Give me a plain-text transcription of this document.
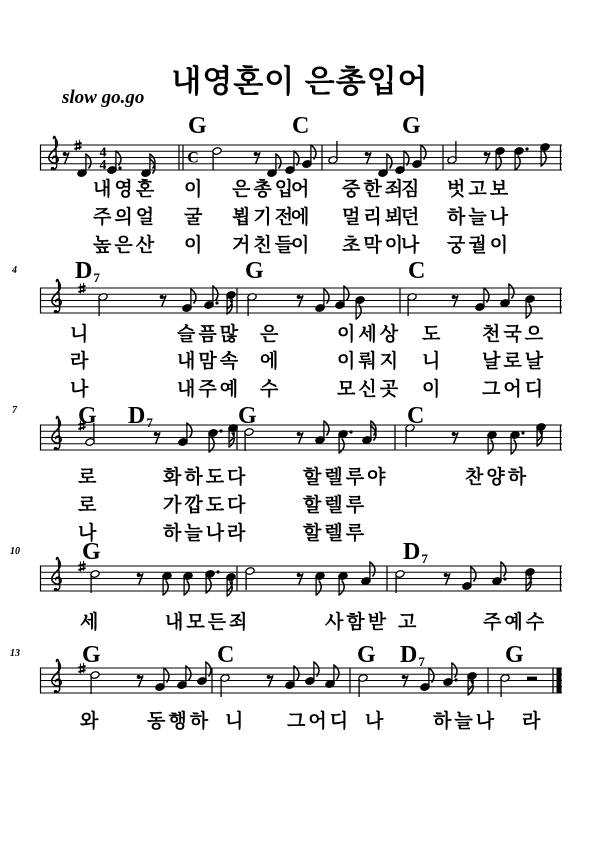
내영혼이 은총입어
slow go.go
4
4	C
G	C	G
내영혼 이 은총입
어 중한죄
짐 벗고보
주의얼 굴 뵙기전
에 멀리뵈
던 하늘나
높은산 이 거친들
이 초막이
나 궁궐이
4 D7	G	C
니	슬픔많 은	이세상 도 천국으
라	내맘속 에	이뤄지 니 날로날
나	내주예 수	모신곳 이 그어디
7	G D7	G	C
로	화하도다	할렐루야	찬양하
로	가깝도다	할렐루
나	하늘나라	할렐루
10	G	D7
세	내모든죄	사함받 고	주예수
13	G	C	G D7	G
와 동행하 니 그어디 나 하늘나 라
